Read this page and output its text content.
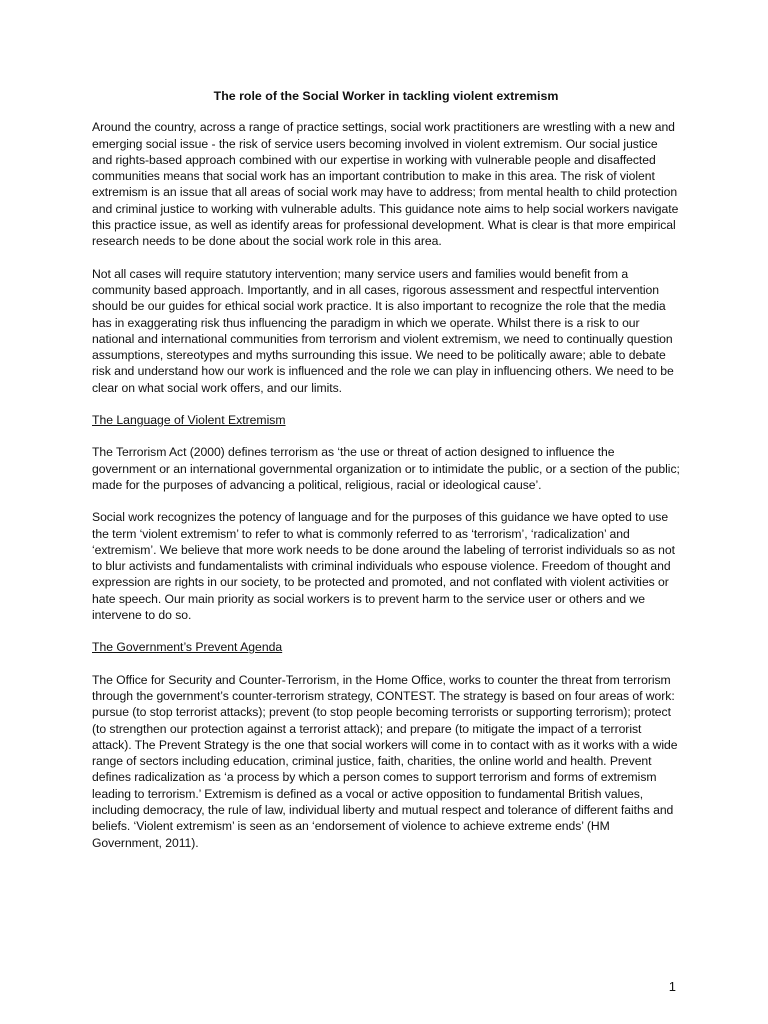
The role of the Social Worker in tackling violent extremism

Around the country, across a range of practice settings, social work practitioners are wrestling with a new and emerging social issue - the risk of service users becoming involved in violent extremism. Our social justice and rights-based approach combined with our expertise in working with vulnerable people and disaffected communities means that social work has an important contribution to make in this area. The risk of violent extremism is an issue that all areas of social work may have to address; from mental health to child protection and criminal justice to working with vulnerable adults. This guidance note aims to help social workers navigate this practice issue, as well as identify areas for professional development. What is clear is that more empirical research needs to be done about the social work role in this area.

Not all cases will require statutory intervention; many service users and families would benefit from a community based approach. Importantly, and in all cases, rigorous assessment and respectful intervention should be our guides for ethical social work practice. It is also important to recognize the role that the media has in exaggerating risk thus influencing the paradigm in which we operate. Whilst there is a risk to our national and international communities from terrorism and violent extremism, we need to continually question assumptions, stereotypes and myths surrounding this issue. We need to be politically aware; able to debate risk and understand how our work is influenced and the role we can play in influencing others. We need to be clear on what social work offers, and our limits.

The Language of Violent Extremism

The Terrorism Act (2000) defines terrorism as ‘the use or threat of action designed to influence the government or an international governmental organization or to intimidate the public, or a section of the public; made for the purposes of advancing a political, religious, racial or ideological cause’.

Social work recognizes the potency of language and for the purposes of this guidance we have opted to use the term ‘violent extremism’ to refer to what is commonly referred to as ‘terrorism’, ‘radicalization’ and ‘extremism’. We believe that more work needs to be done around the labeling of terrorist individuals so as not to blur activists and fundamentalists with criminal individuals who espouse violence. Freedom of thought and expression are rights in our society, to be protected and promoted, and not conflated with violent activities or hate speech. Our main priority as social workers is to prevent harm to the service user or others and we intervene to do so.

The Government’s Prevent Agenda

The Office for Security and Counter-Terrorism, in the Home Office, works to counter the threat from terrorism through the government’s counter-terrorism strategy, CONTEST. The strategy is based on four areas of work: pursue (to stop terrorist attacks); prevent (to stop people becoming terrorists or supporting terrorism); protect (to strengthen our protection against a terrorist attack); and prepare (to mitigate the impact of a terrorist attack). The Prevent Strategy is the one that social workers will come in to contact with as it works with a wide range of sectors including education, criminal justice, faith, charities, the online world and health. Prevent defines radicalization as ‘a process by which a person comes to support terrorism and forms of extremism leading to terrorism.’ Extremism is defined as a vocal or active opposition to fundamental British values, including democracy, the rule of law, individual liberty and mutual respect and tolerance of different faiths and beliefs. ‘Violent extremism’ is seen as an ‘endorsement of violence to achieve extreme ends’ (HM Government, 2011).

1
